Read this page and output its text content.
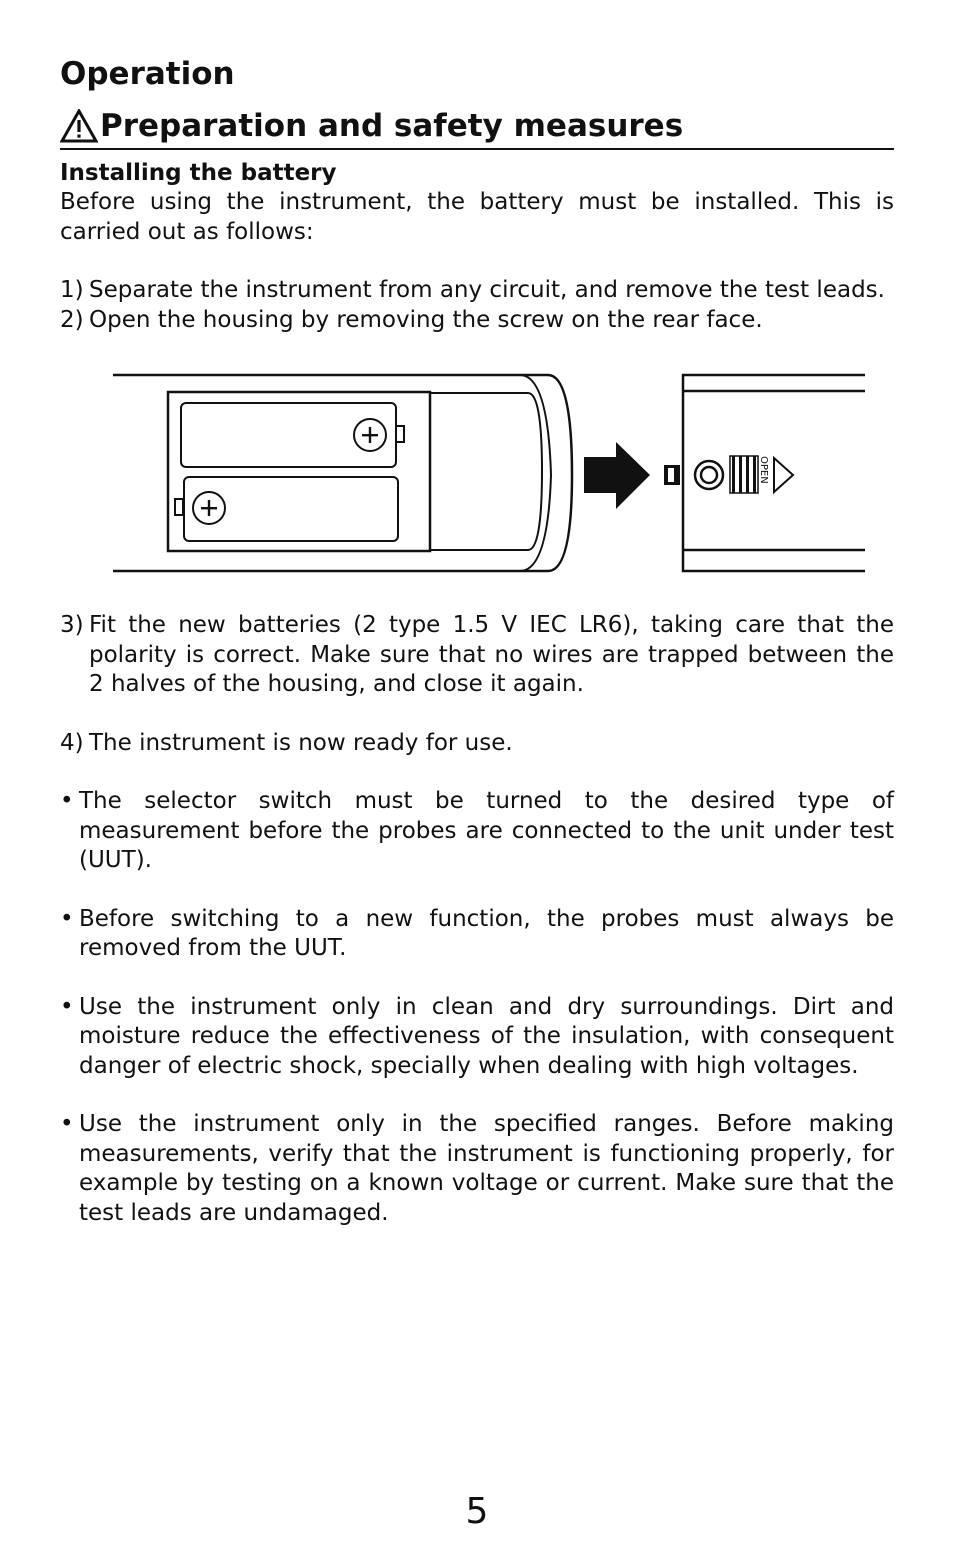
Operation
Preparation and safety measures
Installing the battery

Before using the instrument, the battery must be installed. This is carried out as follows:

1) Separate the instrument from any circuit, and remove the test leads.
2) Open the housing by removing the screw on the rear face.
OPEN
3) Fit the new batteries (2 type 1.5 V IEC LR6), taking care that the polarity is correct. Make sure that no wires are trapped between the 2 halves of the housing, and close it again.
4) The instrument is now ready for use.
• The selector switch must be turned to the desired type of measurement before the probes are connected to the unit under test (UUT).
• Before switching to a new function, the probes must always be removed from the UUT.
• Use the instrument only in clean and dry surroundings. Dirt and moisture reduce the effectiveness of the insulation, with consequent danger of electric shock, specially when dealing with high voltages.
• Use the instrument only in the specified ranges. Before making measurements, verify that the instrument is functioning properly, for example by testing on a known voltage or current. Make sure that the test leads are undamaged.
5
